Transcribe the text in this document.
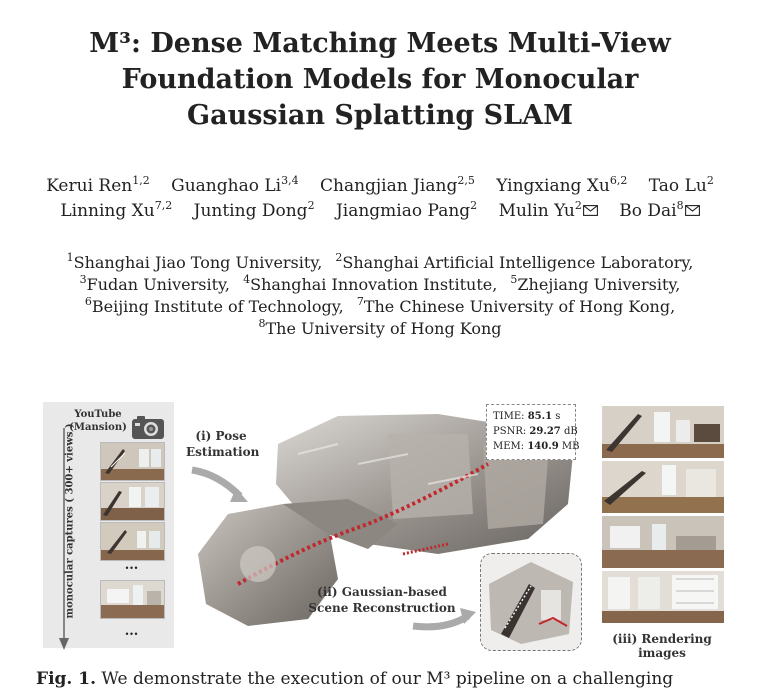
M³: Dense Matching Meets Multi-View
Foundation Models for Monocular
Gaussian Splatting SLAM
Kerui Ren$^{1,2}$ Guanghao Li$^{3,4}$ Changjian Jiang$^{2,5}$ Yingxiang Xu$^{6,2}$ Tao Lu$^2$
Linning Xu$^{7,2}$ Junting Dong$^2$ Jiangmiao Pang$^2$ Mulin Yu$^2$ Bo Dai$^8$
$^1$Shanghai Jiao Tong University, $^2$Shanghai Artificial Intelligence Laboratory,
$^3$Fudan University, $^4$Shanghai Innovation Institute, $^5$Zhejiang University,
$^6$Beijing Institute of Technology, $^7$The Chinese University of Hong Kong,
$^8$The University of Hong Kong
YouTube
(Mansion)
monocular captures ( 300+ views )	...
...
(i) Pose
Estimation
(ii) Gaussian-based
Scene Reconstruction
TIME: 85.1 s
PSNR: 29.27 dB
MEM: 140.9 MB
(iii) Rendering images
Fig. 1. We demonstrate the execution of our M³ pipeline on a challenging
